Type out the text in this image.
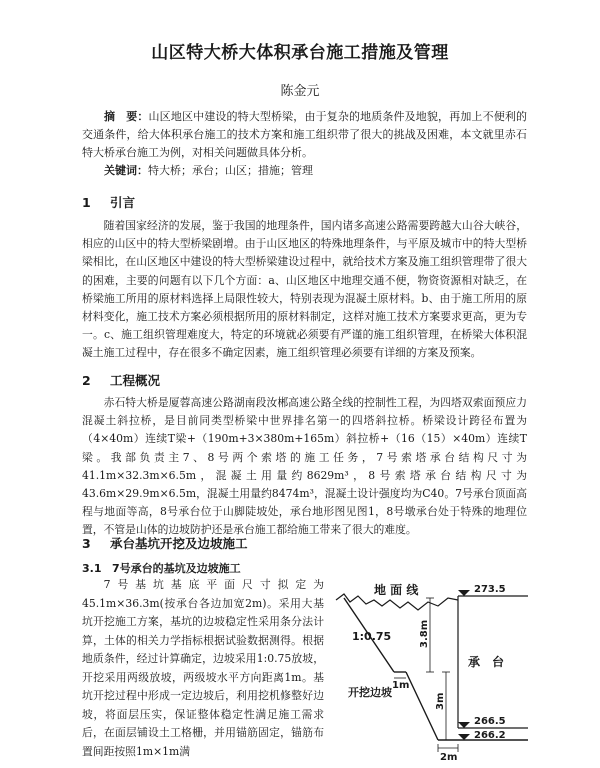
山区特大桥大体积承台施工措施及管理
陈金元
摘　要：山区地区中建设的特大型桥梁，由于复杂的地质条件及地貌，再加上不便利的交通条件，给大体积承台施工的技术方案和施工组织带了很大的挑战及困难，本文就里赤石特大桥承台施工为例，对相关问题做具体分析。
关键词：特大桥；承台；山区；措施；管理
1 引言
随着国家经济的发展，鉴于我国的地理条件，国内诸多高速公路需要跨越大山谷大峡谷，相应的山区中的特大型桥梁剧增。由于山区地区的特殊地理条件，与平原及城市中的特大型桥梁相比，在山区地区中建设的特大型桥梁建设过程中，就给技术方案及施工组织管理带了很大的困难，主要的问题有以下几个方面：a、山区地区中地理交通不便，物资资源相对缺乏，在桥梁施工所用的原材料选择上局限性较大，特别表现为混凝土原材料。b、由于施工所用的原材料变化，施工技术方案必须根据所用的原材料制定，这样对施工技术方案要求更高，更为专一。c、施工组织管理难度大，特定的环境就必须要有严谨的施工组织管理，在桥梁大体积混凝土施工过程中，存在很多不确定因素，施工组织管理必须要有详细的方案及预案。
2 工程概况
赤石特大桥是厦蓉高速公路湖南段汝郴高速公路全线的控制性工程，为四塔双索面预应力混凝土斜拉桥，是目前同类型桥梁中世界排名第一的四塔斜拉桥。桥梁设计跨径布置为（4×40m）连续T梁+（190m+3×380m+165m）斜拉桥+（16（15）×40m）连续T梁。我部负责主7、8号两个索塔的施工任务，7号索塔承台结构尺寸为41.1m×32.3m×6.5m，混凝土用量约8629m³，8号索塔承台结构尺寸为43.6m×29.9m×6.5m，混凝土用量约8474m³，混凝土设计强度均为C40。7号承台顶面高程与地面等高，8号承台位于山脚陡坡处，承台地形图见图1，8号墩承台处于特殊的地理位置，不管是山体的边坡防护还是承台施工都给施工带来了很大的难度。
3 承台基坑开挖及边坡施工
3.1 7号承台的基坑及边坡施工
7号基坑基底平面尺寸拟定为45.1m×36.3m(按承台各边加宽2m)。采用大基坑开挖施工方案，基坑的边坡稳定性采用条分法计算，土体的相关力学指标根据试验数据测得。根据地质条件，经过计算确定，边坡采用1:0.75放坡，开挖采用两级放坡，两级坡水平方向距离1m。基坑开挖过程中形成一定边坡后，利用挖机修整好边坡，将面层压实，保证整体稳定性满足施工需求后，在面层铺设土工格栅，并用锚筋固定，锚筋布置间距按照1m×1m满
地 面 线
1:0.75
开挖边坡
承　台
3.8m
3m
1m
2m
273.5
266.5
266.2
